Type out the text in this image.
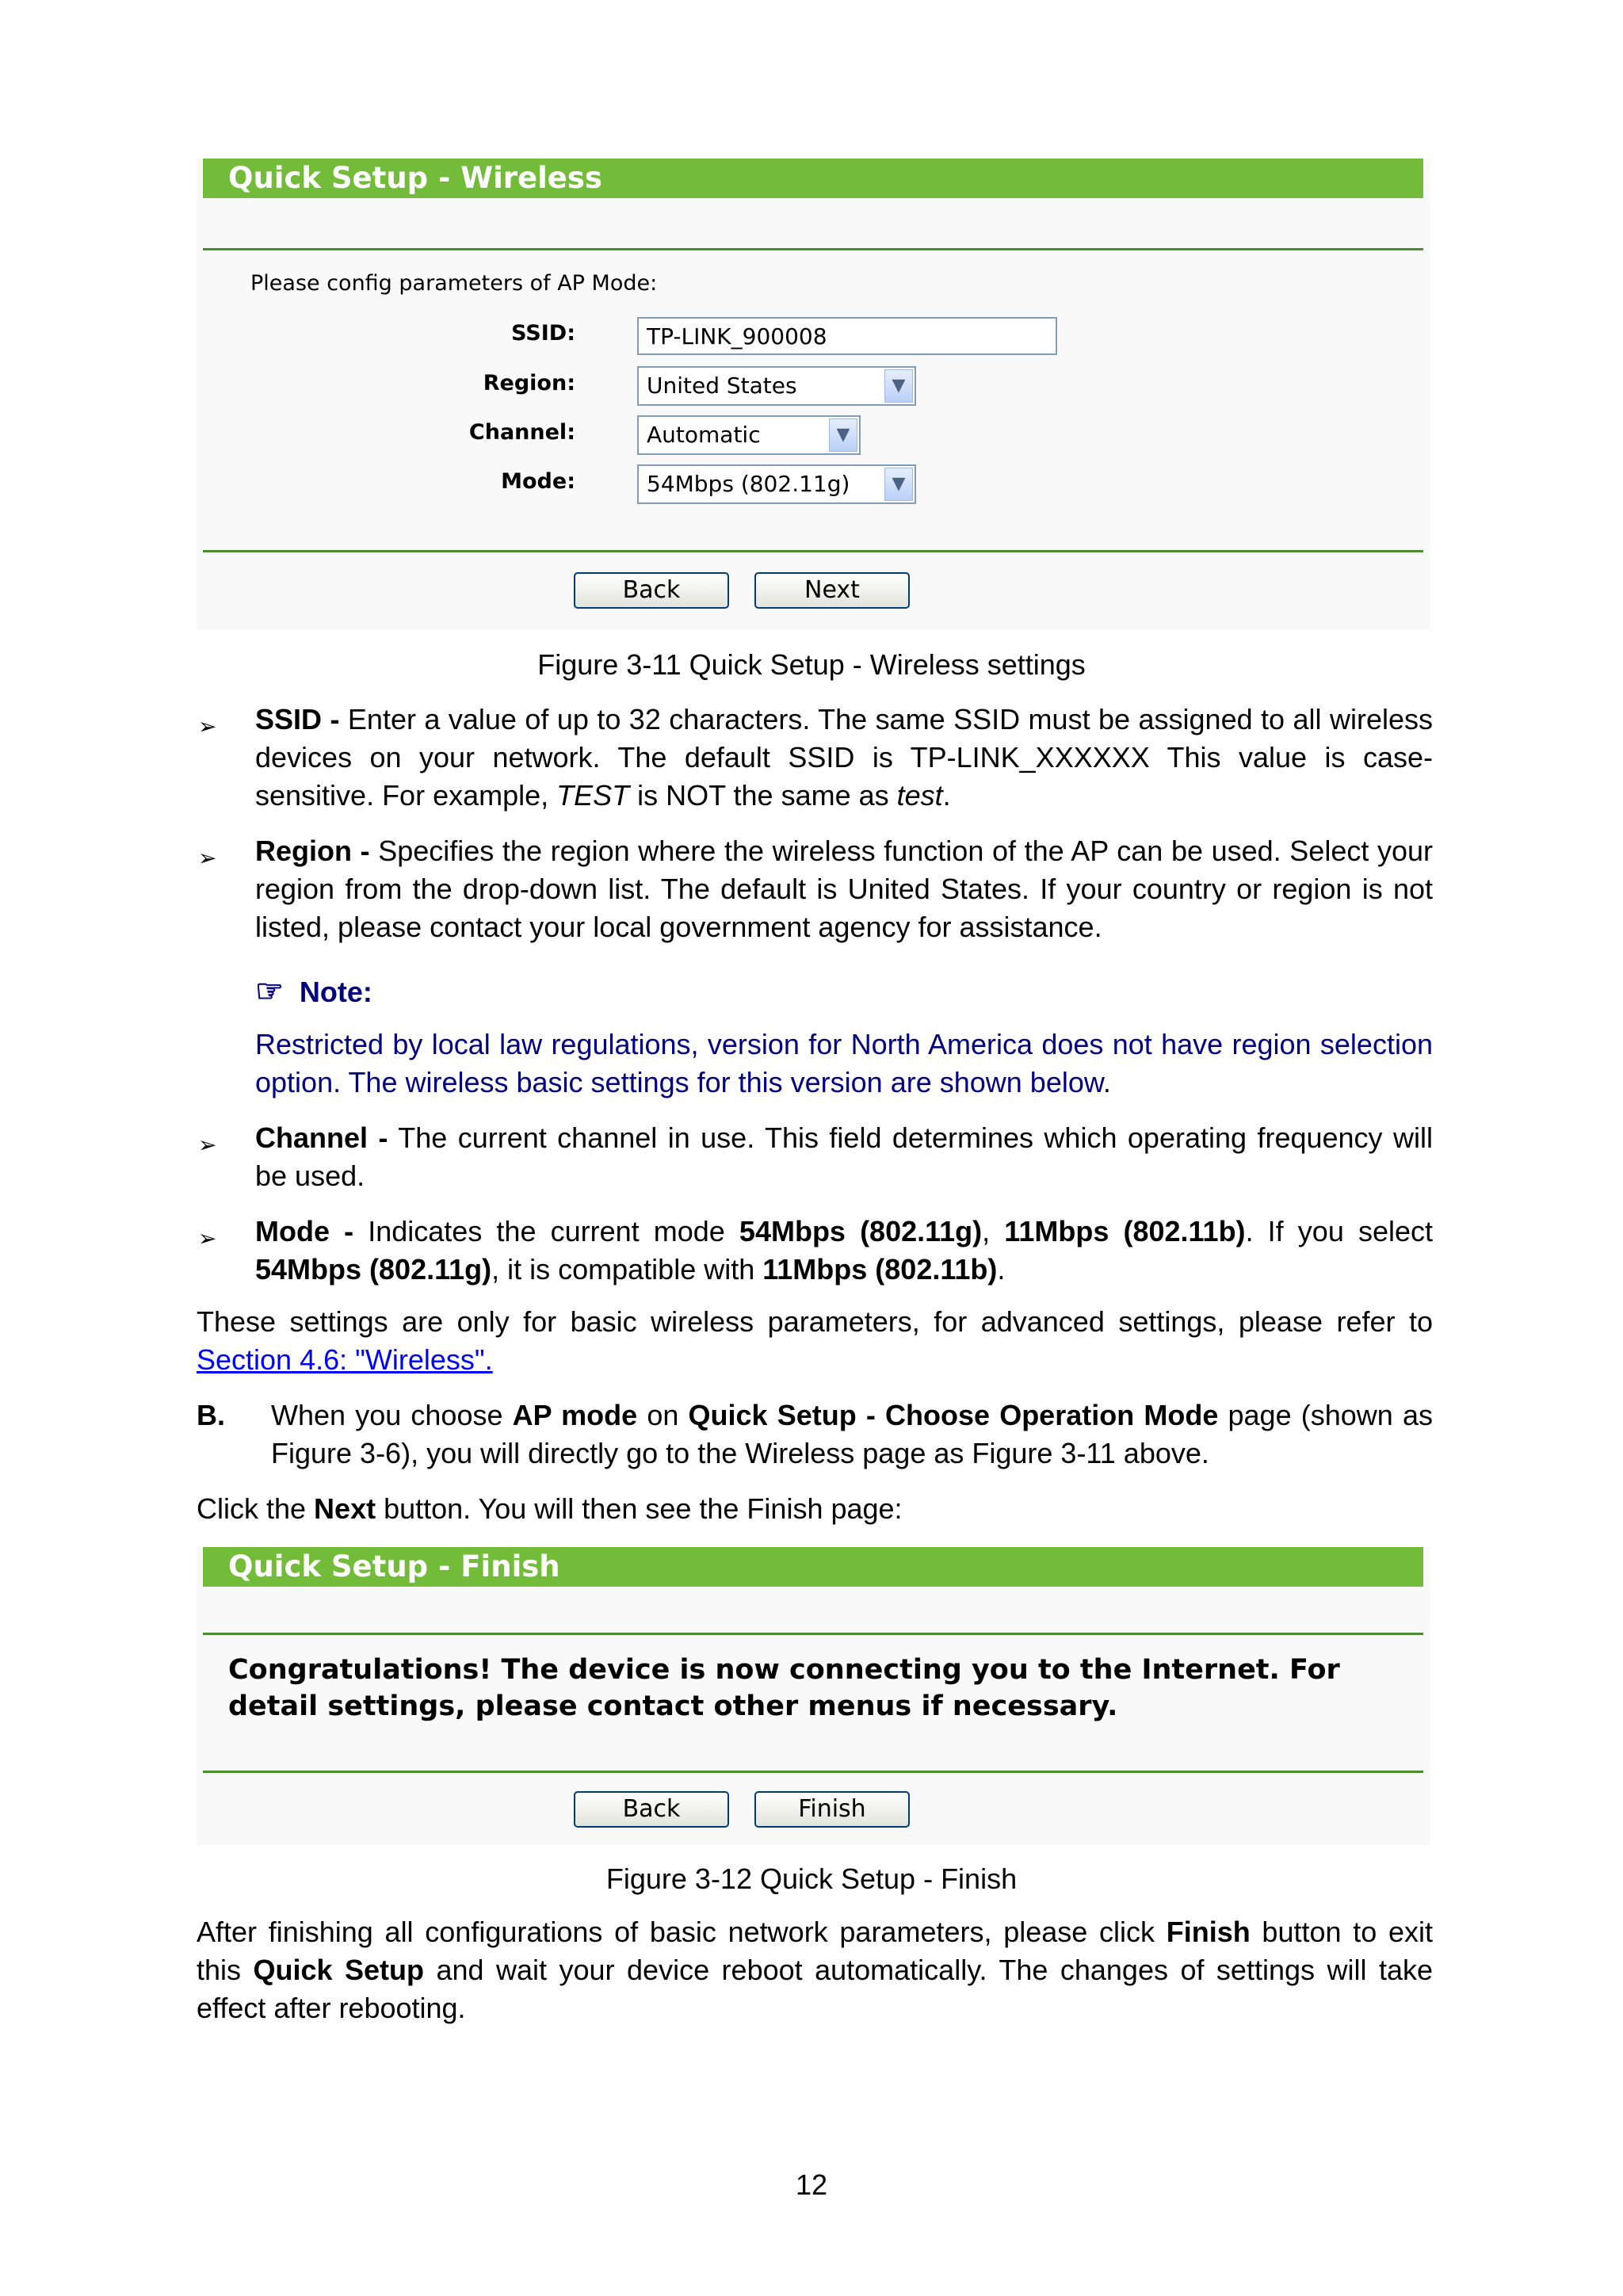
Quick Setup - Wireless
Please config parameters of AP Mode:
SSID:
TP-LINK_900008
Region:	United States	▼
Channel:	Automatic	▼
Mode:	54Mbps (802.11g)	▼
Back	Next
Figure 3-11 Quick Setup - Wireless settings
➢ SSID - Enter a value of up to 32 characters. The same SSID must be assigned to all wireless devices on your network. The default SSID is TP-LINK_XXXXXX This value is case-sensitive. For example, TEST is NOT the same as test.
➢ Region - Specifies the region where the wireless function of the AP can be used. Select your region from the drop-down list. The default is United States. If your country or region is not listed, please contact your local government agency for assistance.
☞ Note:
Restricted by local law regulations, version for North America does not have region selection option. The wireless basic settings for this version are shown below.
➢ Channel - The current channel in use. This field determines which operating frequency will be used.
➢ Mode - Indicates the current mode 54Mbps (802.11g), 11Mbps (802.11b). If you select 54Mbps (802.11g), it is compatible with 11Mbps (802.11b).
These settings are only for basic wireless parameters, for advanced settings, please refer to Section 4.6: "Wireless".
B. When you choose AP mode on Quick Setup - Choose Operation Mode page (shown as Figure 3-6), you will directly go to the Wireless page as Figure 3-11 above.
Click the Next button. You will then see the Finish page:
Quick Setup - Finish
Congratulations! The device is now connecting you to the Internet. For detail settings, please contact other menus if necessary.
Back	Finish
Figure 3-12 Quick Setup - Finish
After finishing all configurations of basic network parameters, please click Finish button to exit this Quick Setup and wait your device reboot automatically. The changes of settings will take effect after rebooting.
12
